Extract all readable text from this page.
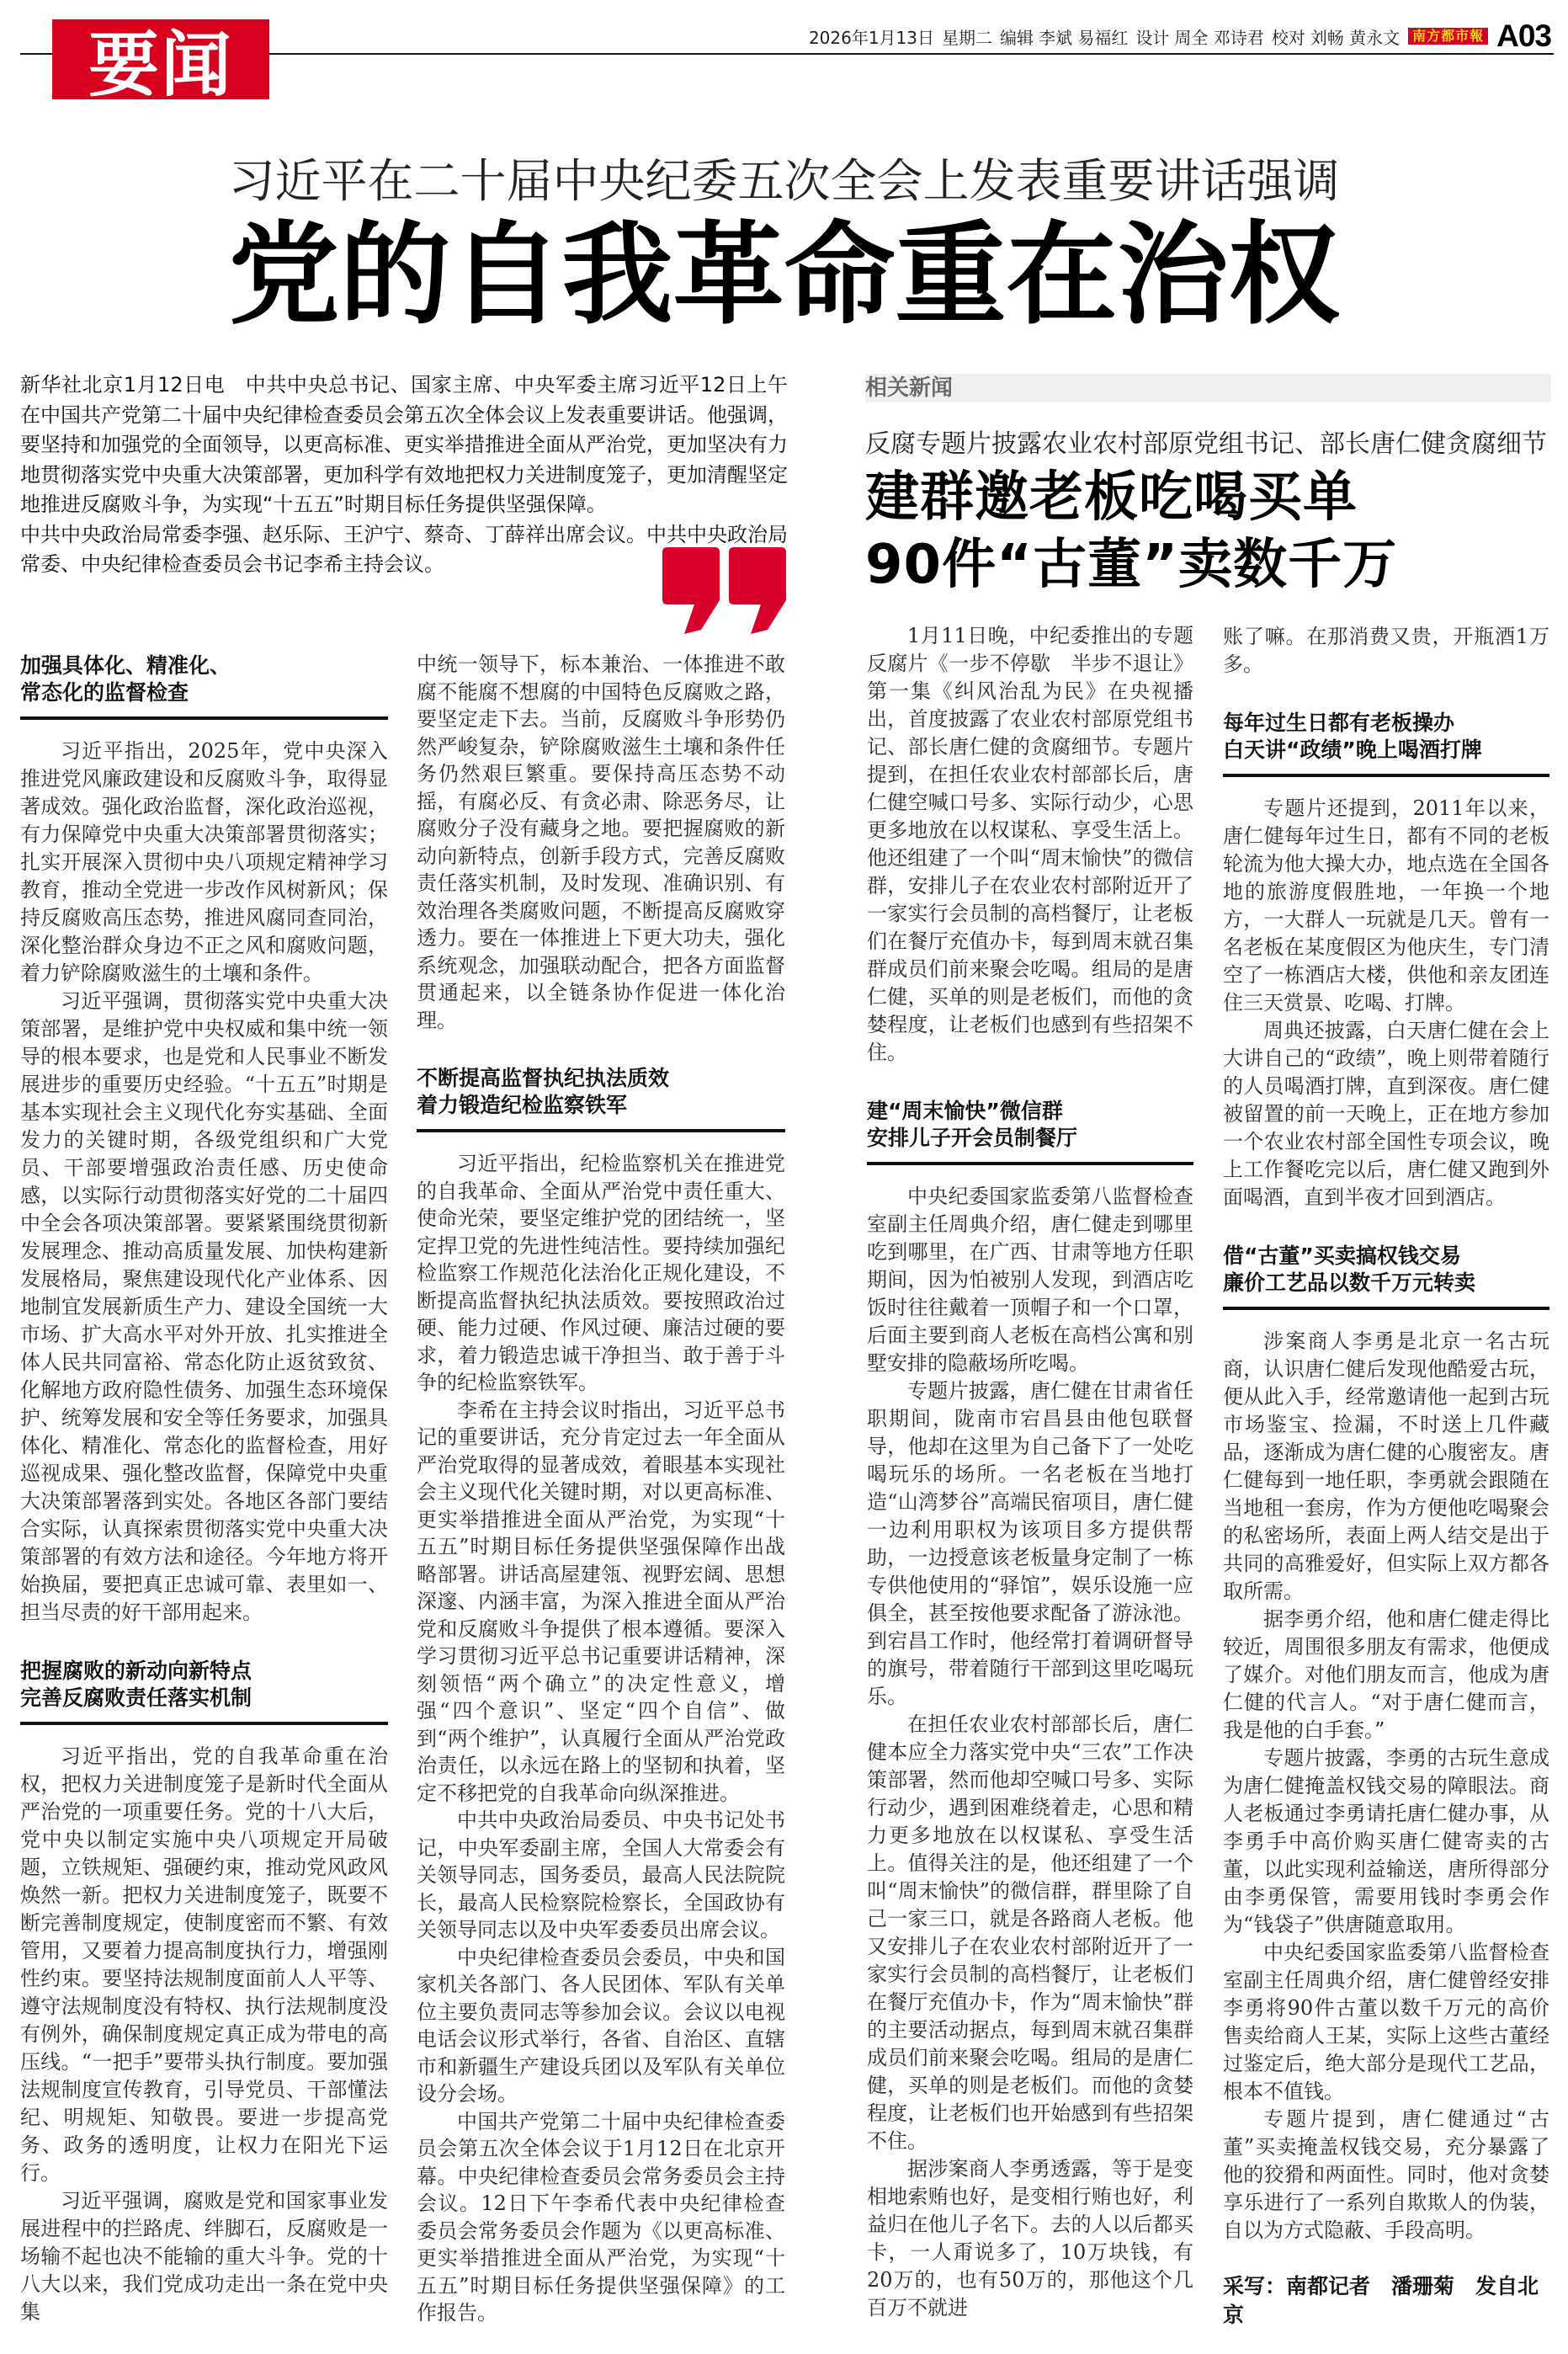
要闻	2026年1月13日 星期二 编辑 李斌 易福红 设计 周全 邓诗君 校对 刘畅 黄永文 南方都市報 A03
习近平在二十届中央纪委五次全会上发表重要讲话强调
党的自我革命重在治权

新华社北京1月12日电　中共中央总书记、国家主席、中央军委主席习近平12日上午在中国共产党第二十届中央纪律检查委员会第五次全体会议上发表重要讲话。他强调，要坚持和加强党的全面领导，以更高标准、更实举措推进全面从严治党，更加坚决有力地贯彻落实党中央重大决策部署，更加科学有效地把权力关进制度笼子，更加清醒坚定地推进反腐败斗争，为实现“十五五”时期目标任务提供坚强保障。

中共中央政治局常委李强、赵乐际、王沪宁、蔡奇、丁薛祥出席会议。中共中央政治局常委、中央纪律检查委员会书记李希主持会议。

加强具体化、精准化、
常态化的监督检查

习近平指出，2025年，党中央深入推进党风廉政建设和反腐败斗争，取得显著成效。强化政治监督，深化政治巡视，有力保障党中央重大决策部署贯彻落实；扎实开展深入贯彻中央八项规定精神学习教育，推动全党进一步改作风树新风；保持反腐败高压态势，推进风腐同查同治，深化整治群众身边不正之风和腐败问题，着力铲除腐败滋生的土壤和条件。

习近平强调，贯彻落实党中央重大决策部署，是维护党中央权威和集中统一领导的根本要求，也是党和人民事业不断发展进步的重要历史经验。“十五五”时期是基本实现社会主义现代化夯实基础、全面发力的关键时期，各级党组织和广大党员、干部要增强政治责任感、历史使命感，以实际行动贯彻落实好党的二十届四中全会各项决策部署。要紧紧围绕贯彻新发展理念、推动高质量发展、加快构建新发展格局，聚焦建设现代化产业体系、因地制宜发展新质生产力、建设全国统一大市场、扩大高水平对外开放、扎实推进全体人民共同富裕、常态化防止返贫致贫、化解地方政府隐性债务、加强生态环境保护、统筹发展和安全等任务要求，加强具体化、精准化、常态化的监督检查，用好巡视成果、强化整改监督，保障党中央重大决策部署落到实处。各地区各部门要结合实际，认真探索贯彻落实党中央重大决策部署的有效方法和途径。今年地方将开始换届，要把真正忠诚可靠、表里如一、担当尽责的好干部用起来。

把握腐败的新动向新特点
完善反腐败责任落实机制

习近平指出，党的自我革命重在治权，把权力关进制度笼子是新时代全面从严治党的一项重要任务。党的十八大后，党中央以制定实施中央八项规定开局破题，立铁规矩、强硬约束，推动党风政风焕然一新。把权力关进制度笼子，既要不断完善制度规定，使制度密而不繁、有效管用，又要着力提高制度执行力，增强刚性约束。要坚持法规制度面前人人平等、遵守法规制度没有特权、执行法规制度没有例外，确保制度规定真正成为带电的高压线。“一把手”要带头执行制度。要加强法规制度宣传教育，引导党员、干部懂法纪、明规矩、知敬畏。要进一步提高党务、政务的透明度，让权力在阳光下运行。

习近平强调，腐败是党和国家事业发展进程中的拦路虎、绊脚石，反腐败是一场输不起也决不能输的重大斗争。党的十八大以来，我们党成功走出一条在党中央集

中统一领导下，标本兼治、一体推进不敢腐不能腐不想腐的中国特色反腐败之路，要坚定走下去。当前，反腐败斗争形势仍然严峻复杂，铲除腐败滋生土壤和条件任务仍然艰巨繁重。要保持高压态势不动摇，有腐必反、有贪必肃、除恶务尽，让腐败分子没有藏身之地。要把握腐败的新动向新特点，创新手段方式，完善反腐败责任落实机制，及时发现、准确识别、有效治理各类腐败问题，不断提高反腐败穿透力。要在一体推进上下更大功夫，强化系统观念，加强联动配合，把各方面监督贯通起来，以全链条协作促进一体化治理。

不断提高监督执纪执法质效
着力锻造纪检监察铁军

习近平指出，纪检监察机关在推进党的自我革命、全面从严治党中责任重大、使命光荣，要坚定维护党的团结统一，坚定捍卫党的先进性纯洁性。要持续加强纪检监察工作规范化法治化正规化建设，不断提高监督执纪执法质效。要按照政治过硬、能力过硬、作风过硬、廉洁过硬的要求，着力锻造忠诚干净担当、敢于善于斗争的纪检监察铁军。

李希在主持会议时指出，习近平总书记的重要讲话，充分肯定过去一年全面从严治党取得的显著成效，着眼基本实现社会主义现代化关键时期，对以更高标准、更实举措推进全面从严治党，为实现“十五五”时期目标任务提供坚强保障作出战略部署。讲话高屋建瓴、视野宏阔、思想深邃、内涵丰富，为深入推进全面从严治党和反腐败斗争提供了根本遵循。要深入学习贯彻习近平总书记重要讲话精神，深刻领悟“两个确立”的决定性意义，增强“四个意识”、坚定“四个自信”、做到“两个维护”，认真履行全面从严治党政治责任，以永远在路上的坚韧和执着，坚定不移把党的自我革命向纵深推进。

中共中央政治局委员、中央书记处书记，中央军委副主席，全国人大常委会有关领导同志，国务委员，最高人民法院院长，最高人民检察院检察长，全国政协有关领导同志以及中央军委委员出席会议。

中央纪律检查委员会委员，中央和国家机关各部门、各人民团体、军队有关单位主要负责同志等参加会议。会议以电视电话会议形式举行，各省、自治区、直辖市和新疆生产建设兵团以及军队有关单位设分会场。

中国共产党第二十届中央纪律检查委员会第五次全体会议于1月12日在北京开幕。中央纪律检查委员会常务委员会主持会议。12日下午李希代表中央纪律检查委员会常务委员会作题为《以更高标准、更实举措推进全面从严治党，为实现“十五五”时期目标任务提供坚强保障》的工作报告。

相关新闻
反腐专题片披露农业农村部原党组书记、部长唐仁健贪腐细节
建群邀老板吃喝买单
90件“古董”卖数千万

1月11日晚，中纪委推出的专题反腐片《一步不停歇　半步不退让》第一集《纠风治乱为民》在央视播出，首度披露了农业农村部原党组书记、部长唐仁健的贪腐细节。专题片提到，在担任农业农村部部长后，唐仁健空喊口号多、实际行动少，心思更多地放在以权谋私、享受生活上。他还组建了一个叫“周末愉快”的微信群，安排儿子在农业农村部附近开了一家实行会员制的高档餐厅，让老板们在餐厅充值办卡，每到周末就召集群成员们前来聚会吃喝。组局的是唐仁健，买单的则是老板们，而他的贪婪程度，让老板们也感到有些招架不住。

建“周末愉快”微信群
安排儿子开会员制餐厅

中央纪委国家监委第八监督检查室副主任周典介绍，唐仁健走到哪里吃到哪里，在广西、甘肃等地方任职期间，因为怕被别人发现，到酒店吃饭时往往戴着一顶帽子和一个口罩，后面主要到商人老板在高档公寓和别墅安排的隐蔽场所吃喝。

专题片披露，唐仁健在甘肃省任职期间，陇南市宕昌县由他包联督导，他却在这里为自己备下了一处吃喝玩乐的场所。一名老板在当地打造“山湾梦谷”高端民宿项目，唐仁健一边利用职权为该项目多方提供帮助，一边授意该老板量身定制了一栋专供他使用的“驿馆”，娱乐设施一应俱全，甚至按他要求配备了游泳池。到宕昌工作时，他经常打着调研督导的旗号，带着随行干部到这里吃喝玩乐。

在担任农业农村部部长后，唐仁健本应全力落实党中央“三农”工作决策部署，然而他却空喊口号多、实际行动少，遇到困难绕着走，心思和精力更多地放在以权谋私、享受生活上。值得关注的是，他还组建了一个叫“周末愉快”的微信群，群里除了自己一家三口，就是各路商人老板。他又安排儿子在农业农村部附近开了一家实行会员制的高档餐厅，让老板们在餐厅充值办卡，作为“周末愉快”群的主要活动据点，每到周末就召集群成员们前来聚会吃喝。组局的是唐仁健，买单的则是老板们。而他的贪婪程度，让老板们也开始感到有些招架不住。

据涉案商人李勇透露，等于是变相地索贿也好，是变相行贿也好，利益归在他儿子名下。去的人以后都买卡，一人甭说多了，10万块钱，有20万的，也有50万的，那他这个几百万不就进

账了嘛。在那消费又贵，开瓶酒1万多。

每年过生日都有老板操办
白天讲“政绩”晚上喝酒打牌

专题片还提到，2011年以来，唐仁健每年过生日，都有不同的老板轮流为他大操大办，地点选在全国各地的旅游度假胜地，一年换一个地方，一大群人一玩就是几天。曾有一名老板在某度假区为他庆生，专门清空了一栋酒店大楼，供他和亲友团连住三天赏景、吃喝、打牌。

周典还披露，白天唐仁健在会上大讲自己的“政绩”，晚上则带着随行的人员喝酒打牌，直到深夜。唐仁健被留置的前一天晚上，正在地方参加一个农业农村部全国性专项会议，晚上工作餐吃完以后，唐仁健又跑到外面喝酒，直到半夜才回到酒店。

借“古董”买卖搞权钱交易
廉价工艺品以数千万元转卖

涉案商人李勇是北京一名古玩商，认识唐仁健后发现他酷爱古玩，便从此入手，经常邀请他一起到古玩市场鉴宝、捡漏，不时送上几件藏品，逐渐成为唐仁健的心腹密友。唐仁健每到一地任职，李勇就会跟随在当地租一套房，作为方便他吃喝聚会的私密场所，表面上两人结交是出于共同的高雅爱好，但实际上双方都各取所需。

据李勇介绍，他和唐仁健走得比较近，周围很多朋友有需求，他便成了媒介。对他们朋友而言，他成为唐仁健的代言人。“对于唐仁健而言，我是他的白手套。”

专题片披露，李勇的古玩生意成为唐仁健掩盖权钱交易的障眼法。商人老板通过李勇请托唐仁健办事，从李勇手中高价购买唐仁健寄卖的古董，以此实现利益输送，唐所得部分由李勇保管，需要用钱时李勇会作为“钱袋子”供唐随意取用。

中央纪委国家监委第八监督检查室副主任周典介绍，唐仁健曾经安排李勇将90件古董以数千万元的高价售卖给商人王某，实际上这些古董经过鉴定后，绝大部分是现代工艺品，根本不值钱。

专题片提到，唐仁健通过“古董”买卖掩盖权钱交易，充分暴露了他的狡猾和两面性。同时，他对贪婪享乐进行了一系列自欺欺人的伪装，自以为方式隐蔽、手段高明。

采写：南都记者　潘珊菊　发自北京
